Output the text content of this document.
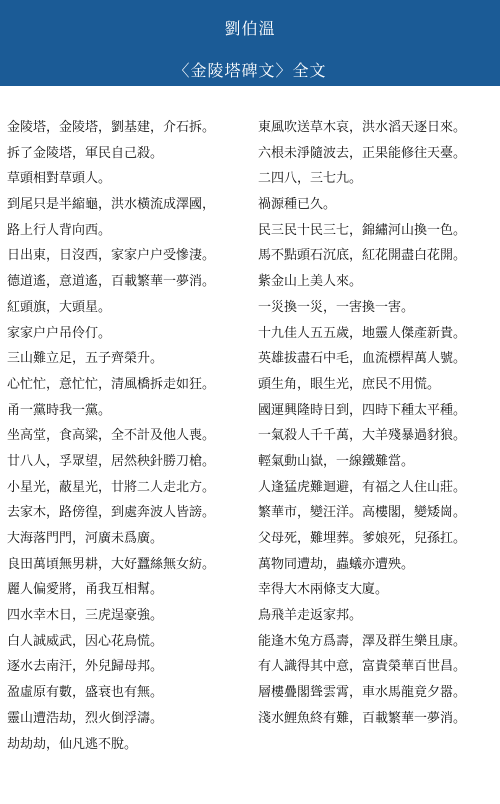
劉伯溫
〈金陵塔碑文〉全文
金陵塔，金陵塔，劉基建，介石拆。
拆了金陵塔，軍民自己殺。
草頭相對草頭人。
到尾只是半縮龜，洪水橫流成澤國，
路上行人背向西。
日出東，日沒西，家家户户受慘淒。
德道遙，意道遙，百載繁華一夢消。
紅頭旗，大頭星。
家家户户吊伶仃。
三山難立足，五子齊榮升。
心忙忙，意忙忙，清風橋拆走如狂。
甬一黨時我一黨。
坐高堂，食高粱，全不計及他人喪。
廿八人，孚眾望，居然秧針勝刀槍。
小星光，蔽星光，廿將二人走北方。
去家木，路傍徨，到處奔波人皆謗。
大海落門門，河廣未爲廣。
良田萬頃無男耕，大好蠶絲無女紡。
麗人偏愛將，甬我互相幫。
四水幸木日，三虎逞豪強。
白人誠威武，因心花鳥慌。
逐水去南汗，外兒歸母邦。
盈虛原有數，盛衰也有無。
靈山遭浩劫，烈火倒浮濤。
劫劫劫，仙凡逃不脫。
東風吹送草木哀，洪水滔天逐日來。
六根未淨隨波去，正果能修往天臺。
二四八，三七九。
禍源種已久。
民三民十民三七，錦繡河山換一色。
馬不點頭石沉底，紅花開盡白花開。
紫金山上美人來。
一災換一災，一害換一害。
十九佳人五五歲，地靈人傑產新貴。
英雄拔盡石中毛，血流標桿萬人號。
頭生角，眼生光，庶民不用慌。
國運興隆時日到，四時下種太平種。
一氣殺人千千萬，大羊殘暴過豺狼。
輕氣動山嶽，一線鐵難當。
人逢猛虎難迴避，有福之人住山莊。
繁華市，變汪洋。高樓閣，變矮崗。
父母死，難埋葬。爹娘死，兒孫扛。
萬物同遭劫，蟲蟻亦遭殃。
幸得大木兩條支大廈。
鳥飛羊走返家邦。
能逢木兔方爲壽，澤及群生樂且康。
有人識得其中意，富貴榮華百世昌。
層樓疊閣聳雲霄，車水馬龍竟夕嚣。
淺水鯉魚終有難，百載繁華一夢消。
